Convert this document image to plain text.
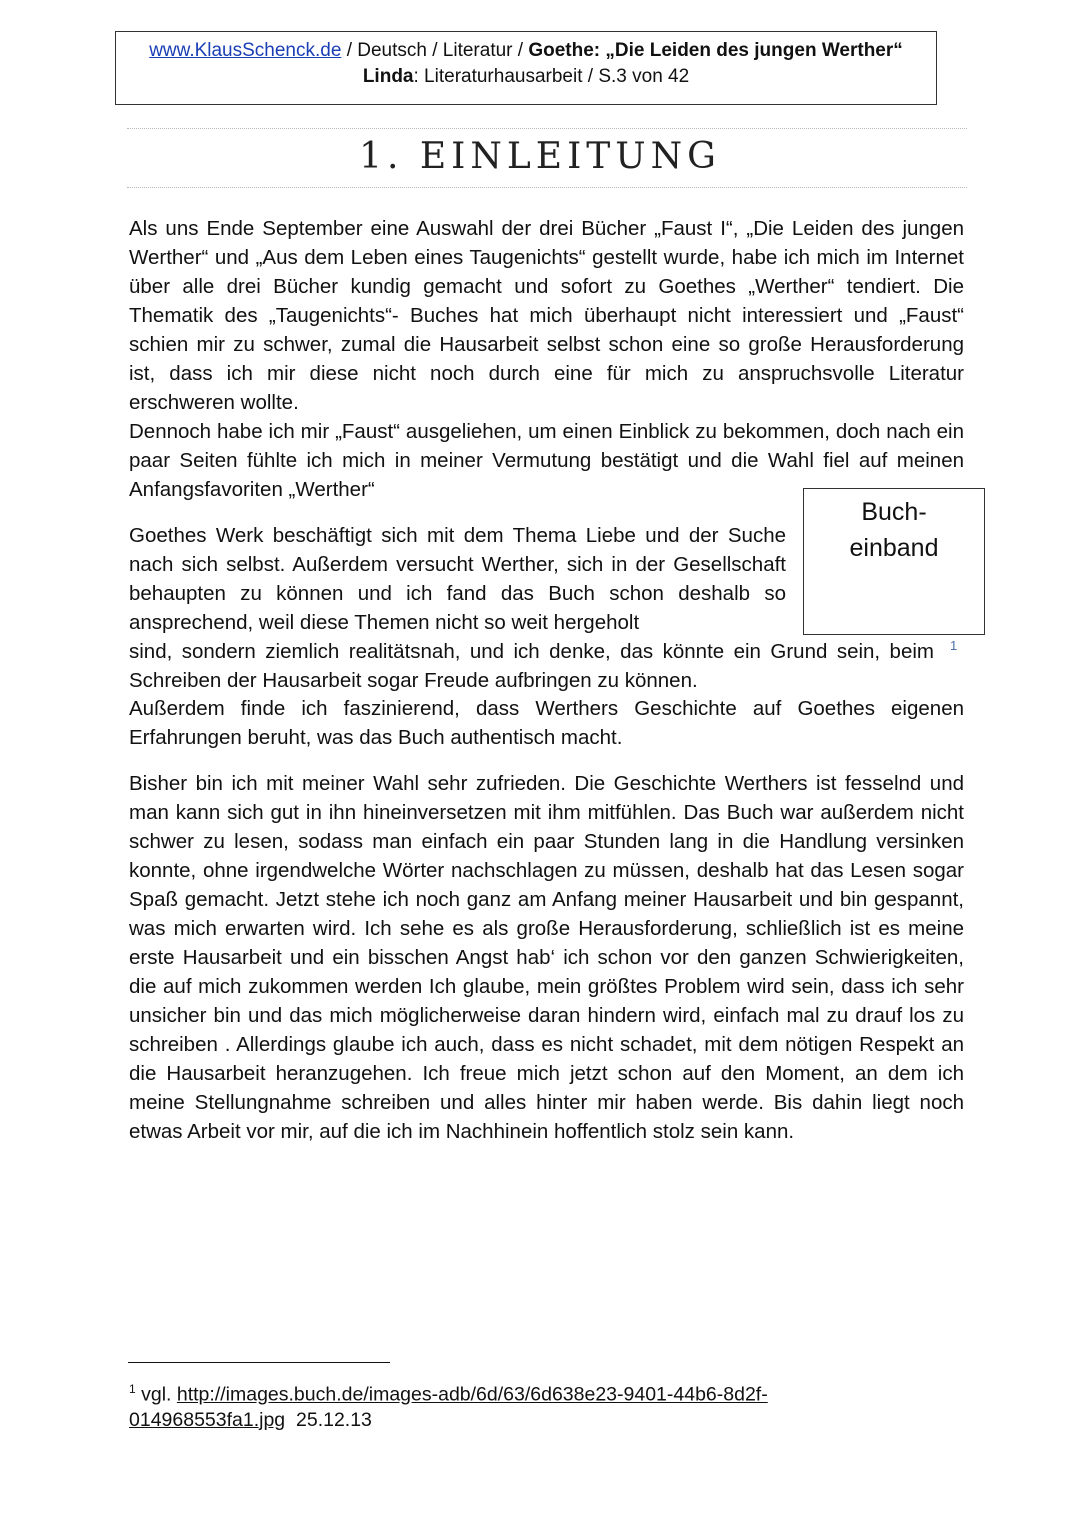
www.KlausSchenck.de / Deutsch / Literatur / Goethe: „Die Leiden des jungen Werther“
Linda: Literaturhausarbeit / S.3 von 42
1. EINLEITUNG

Als uns Ende September eine Auswahl der drei Bücher „Faust I“, „Die Leiden des jungen Werther“ und „Aus dem Leben eines Taugenichts“ gestellt wurde, habe ich mich im Internet über alle drei Bücher kundig gemacht und sofort zu Goethes „Werther“ tendiert. Die Thematik des „Taugenichts“- Buches hat mich überhaupt nicht interessiert und „Faust“ schien mir zu schwer, zumal die Hausarbeit selbst schon eine so große Herausforderung ist, dass ich mir diese nicht noch durch eine für mich zu anspruchsvolle Literatur erschweren wollte.

Dennoch habe ich mir „Faust“ ausgeliehen, um einen Einblick zu bekommen, doch nach ein paar Seiten fühlte ich mich in meiner Vermutung bestätigt und die Wahl fiel auf meinen Anfangsfavoriten „Werther“

Buch-
einband

Goethes Werk beschäftigt sich mit dem Thema Liebe und der Suche nach sich selbst. Außerdem versucht Werther, sich in der Gesellschaft behaupten zu können und ich fand das Buch schon deshalb so ansprechend, weil diese Themen nicht so weit hergeholt

sind, sondern ziemlich realitätsnah, und ich denke, das könnte ein Grund sein, beim Schreiben der Hausarbeit sogar Freude aufbringen zu können.

1

Außerdem finde ich faszinierend, dass Werthers Geschichte auf Goethes eigenen Erfahrungen beruht, was das Buch authentisch macht.

Bisher bin ich mit meiner Wahl sehr zufrieden. Die Geschichte Werthers ist fesselnd und man kann sich gut in ihn hineinversetzen mit ihm mitfühlen. Das Buch war außerdem nicht schwer zu lesen, sodass man einfach ein paar Stunden lang in die Handlung versinken konnte, ohne irgendwelche Wörter nachschlagen zu müssen, deshalb hat das Lesen sogar Spaß gemacht. Jetzt stehe ich noch ganz am Anfang meiner Hausarbeit und bin gespannt, was mich erwarten wird. Ich sehe es als große Herausforderung, schließlich ist es meine erste Hausarbeit und ein bisschen Angst hab‘ ich schon vor den ganzen Schwierigkeiten, die auf mich zukommen werden Ich glaube, mein größtes Problem wird sein, dass ich sehr unsicher bin und das mich möglicherweise daran hindern wird, einfach mal zu drauf los zu schreiben . Allerdings glaube ich auch, dass es nicht schadet, mit dem nötigen Respekt an die Hausarbeit heranzugehen. Ich freue mich jetzt schon auf den Moment, an dem ich meine Stellungnahme schreiben und alles hinter mir haben werde. Bis dahin liegt noch etwas Arbeit vor mir, auf die ich im Nachhinein hoffentlich stolz sein kann.

$^1$ vgl. http://images.buch.de/images-adb/6d/63/6d638e23-9401-44b6-8d2f-014968553fa1.jpg 25.12.13
